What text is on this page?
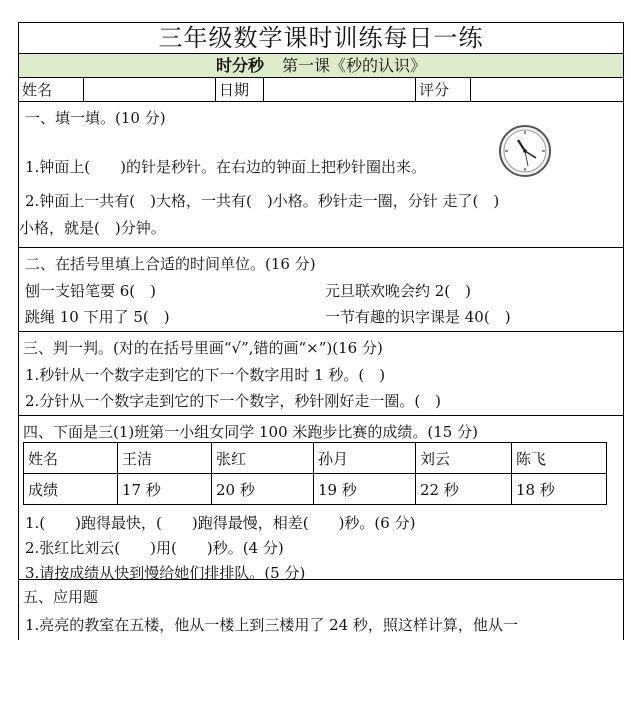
三年级数学课时训练每日一练
时分秒 第一课《秒的认识》
姓名	日期	评分
一、填一填。(10 分)
1.钟面上(　　)的针是秒针。在右边的钟面上把秒针圈出来。
2.钟面上一共有(　)大格，一共有(　)小格。秒针走一圈，分针 走了(　)
小格，就是(　)分钟。
二、在括号里填上合适的时间单位。(16 分)
刨一支铅笔要 6(　)	元旦联欢晚会约 2(　)
跳绳 10 下用了 5(　)	一节有趣的识字课是 40(　)
三、判一判。(对的在括号里画“√”,错的画“×”)(16 分)
1.秒针从一个数字走到它的下一个数字用时 1 秒。(　)
2.分针从一个数字走到它的下一个数字，秒针刚好走一圈。(　)
四、下面是三(1)班第一小组女同学 100 米跑步比赛的成绩。(15 分)
姓名	王洁	张红	孙月	刘云	陈飞
成绩	17 秒	20 秒	19 秒	22 秒	18 秒
1.(　　)跑得最快，(　　)跑得最慢，相差(　　)秒。(6 分)
2.张红比刘云(　　)用(　　)秒。(4 分)
3.请按成绩从快到慢给她们排排队。(5 分)
五、应用题
1.亮亮的教室在五楼，他从一楼上到三楼用了 24 秒，照这样计算，他从一
